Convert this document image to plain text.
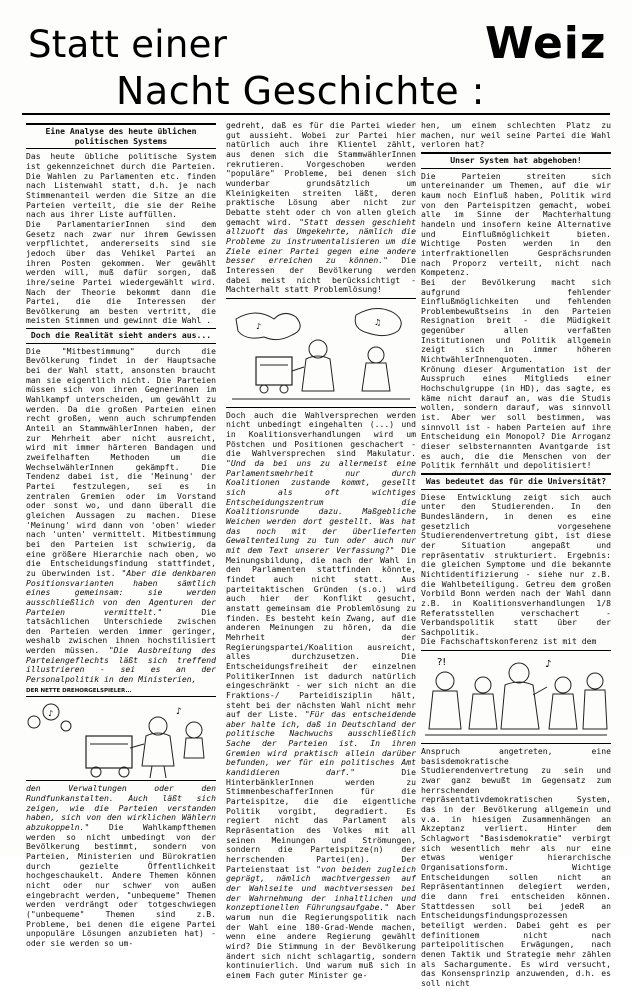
Statt einer
Nacht Geschichte :
Weiz
Eine Analyse des heute üblichen politischen Systems

Das heute übliche politische System ist gekennzeichnet durch die Parteien. Die Wahlen zu Parlamenten etc. finden nach Listenwahl statt, d.h. je nach Stimmenanteil werden die Sitze an die Parteien verteilt, die sie der Reihe nach aus ihrer Liste auffüllen.

Die ParlamentarierInnen sind dem Gesetz nach zwar nur ihrem Gewissen verpflichtet, andererseits sind sie jedoch über das Vehikel Partei an ihren Posten gekommen. Wer gewählt werden will, muß dafür sorgen, daß ihre/seine Partei wiedergewählt wird. Nach der Theorie bekommt dann die Partei, die die Interessen der Bevölkerung am besten vertritt, die meisten Stimmen und gewinnt die Wahl .

Doch die Realität sieht anders aus...

Die "Mitbestimmung" durch die Bevölkerung findet in der Hauptsache bei der Wahl statt, ansonsten braucht man sie eigentlich nicht. Die Parteien müssen sich von ihren Gegnerinnen im Wahlkampf unterscheiden, um gewählt zu werden. Da die großen Parteien einen recht großen, wenn auch schrumpfenden Anteil an StammwählerInnen haben, der zur Mehrheit aber nicht ausreicht, wird mit immer härteren Bandagen und zweifelhaften Methoden um die WechselwählerInnen gekämpft. Die Tendenz dabei ist, die 'Meinung' der Partei festzulegen, sei es in zentralen Gremien oder im Vorstand oder sonst wo, und dann überall die gleichen Aussagen zu machen. Diese 'Meinung' wird dann von 'oben' wieder nach 'unten' vermittelt. Mitbestimmung bei den Parteien ist schwierig, da eine größere Hierarchie nach oben, wo die Entscheidungsfindung stattfindet, zu überwinden ist. "Aber die denkbaren Positionsvarianten haben sämtlich eines gemeinsam: sie werden ausschließlich von den Agenturen der Parteien vermittelt."	Die tatsächlichen Unterschiede zwischen den Parteien werden immer geringer, weshalb zwischen ihnen hochstilisiert werden müssen. "Die Ausbreitung des Parteiengeflechts läßt sich treffend illustrieren - sei es an der Personalpolitik in den Ministerien,

DER NETTE DREHORGELSPIELER...
♪	♪

den Verwaltungen oder den Rundfunkanstalten. Auch läßt sich zeigen, wie die Parteien verstanden haben, sich von den wirklichen Wählern abzukoppeln." Die Wahlkampfthemen werden so nicht umbedingt von der Bevölkerung bestimmt, sondern von Parteien, Ministerien und Bürokratien durch gezielte Öffentlichkeit hochgeschaukelt. Andere Themen können nicht oder nur schwer von außen eingebracht werden, "unbequeme" Themen werden verdrängt oder totgeschwiegen ("unbequeme" Themen sind z.B. Probleme, bei denen die eigene Partei unpopuläre Lösungen anzubieten hat) - oder sie werden so um-

gedreht, daß es für die Partei wieder gut aussieht. Wobei zur Partei hier natürlich auch ihre Klientel zählt, aus denen sich die StammwählerInnen rekrutieren. Vorgeschoben werden "populäre" Probleme, bei denen sich wunderbar grundsätzlich um Kleinigkeiten streiten läßt, deren praktische Lösung aber nicht zur Debatte steht oder ch von allen gleich gemacht wird. "Statt dessen geschieht allzuoft das Umgekehrte, nämlich die Probleme zu instrumentalisieren um die Ziele einer Partei gegen eine andere besser erreichen zu können." Die Interessen der Bevölkerung werden dabei meist nicht berücksichtigt - Machterhalt statt Problemlösung!

♪	♫

Doch auch die Wahlversprechen werden nicht unbedingt eingehalten (...) und in Koalitionsverhandlungen wird um Pöstchen und Positionen geschachert - die Wahlversprechen sind Makulatur. "Und da bei uns zu allermeist eine Parlamentsmehrheit nur durch Koalitionen zustande kommt, gesellt sich als oft wichtiges Entscheidungszentrum die Koalitionsrunde dazu. Maßgebliche Weichen werden dort gestellt. Was hat das noch mit der überlieferten Gewaltenteilung zu tun oder auch nur mit dem Text unserer Verfassung?" Die Meinungsbildung, die nach der Wahl in den Parlamenten stattfinden könnte, findet auch nicht statt. Aus parteitaktischen Gründen (s.o.) wird auch hier der Konflikt gesucht, anstatt gemeinsam die Problemlösung zu finden. Es besteht kein Zwang, auf die anderen Meinungen zu hören, da die Mehrheit der Regierungspartei/Koalition ausreicht, alles durchzusetzen. Die Entscheidungsfreiheit der einzelnen PolitikerInnen ist dadurch natürlich eingeschränkt - wer sich nicht an die Fraktions-/ Parteidisziplin hält, steht bei der nächsten Wahl nicht mehr auf der Liste. "Für das entscheidende aber halte ich, daß in Deutschland der politische Nachwuchs ausschließlich Sache der Parteien ist. In ihren Gremien wird praktisch allein darüber befunden, wer für ein politisches Amt kandidieren darf."	Die HinterbänklerInnen werden zu StimmenbeschafferInnen für die Parteispitze, die die eigentliche Politik vorgibt, degradiert. Es regiert nicht das Parlament als Repräsentation des Volkes mit all seinen Meinungen und Strömungen, sondern die Parteispitze(n) der herrschenden Partei(en). Der Parteienstaat ist "von beiden zugleich geprägt, nämlich machtvergessen auf der Wahlseite und machtversessen bei der Wahrnehmung der inhaltlichen und konzeptionellen Führungsaufgabe." Aber warum nun die Regierungspolitik nach der Wahl eine 180-Grad-Wende machen, wenn eine andere Regierung gewählt wird? Die Stimmung in der Bevölkerung ändert sich nicht schlagartig, sondern kontinuierlich. Und warum muß sich in einem Fach guter Minister ge-

hen, um einem schlechten Platz zu machen, nur weil seine Partei die Wahl verloren hat?

Unser System hat abgehoben!

Die Parteien streiten sich untereinander um Themen, auf die wir kaum noch Einfluß haben, Politik wird von den Parteispitzen gemacht, wobei alle im Sinne der Machterhaltung handeln und insofern keine Alternative und Einflußmöglichkeit bieten. Wichtige Posten werden in den interfraktionellen Gesprächsrunden nach Proporz verteilt, nicht nach Kompetenz.

Bei der Bevölkerung macht sich aufgrund fehlender Einflußmöglichkeiten und fehlenden Problembewußtseins in den Parteien Resignation breit - die Müdigkeit gegenüber allen verfaßten Institutionen und Politik allgemein zeigt sich in immer höheren NichtwählerInnenquoten.

Krönung dieser Argumentation ist der Ausspruch eines Mitglieds einer Hochschulgruppe (in HD), das sagte, es käme nicht darauf an, was die Studis wollen, sondern darauf, was sinnvoll ist. Aber wer soll bestimmen, was sinnvoll ist - haben Parteien auf ihre Entscheidung ein Monopol? Die Arroganz dieser selbsternannten Avantgarde ist es auch, die die Menschen von der Politik fernhält und depolitisiert!

Was bedeutet das für die Universität?

Diese Entwicklung zeigt sich auch unter den Studierenden. In den Bundesländern, in denen es eine gesetzlich vorgesehene Studierendenvertretung gibt, ist diese der Situation angepaßt und repräsentativ strukturiert. Ergebnis: die gleichen Symptome und die bekannte Nichtidentifizierung - siehe nur z.B. die Wahlbeteiligung. Getreu dem großen Vorbild Bonn werden nach der Wahl dann z.B. in Koalitionsverhandlungen 1/8 Referatsstellen verschachert - Verbandspolitik statt über der Sachpolitik.

Die Fachschaftskonferenz ist mit dem

?!	♪

Anspruch angetreten, eine basisdemokratische Studierendenvertretung zu sein und zwar ganz bewußt im Gegensatz zum herrschenden repräsentativdemokratischen System, das in der Bevölkerung allgemein und v.a. in hiesigen Zusammenhängen an Akzeptanz verliert. Hinter dem Schlagwort "Basisdemokratie" verbirgt sich wesentlich mehr als nur eine etwas weniger hierarchische Organisationsform. Wichtige Entscheidungen sollen nicht an Repräsentantinnen delegiert werden, die dann frei entscheiden können. Stattdessen soll bei jedeR an Entscheidungsfindungsprozessen beteiligt werden. Dabei geht es per definitionem nicht nach parteipolitischen Erwägungen, nach denen Taktik und Strategie mehr zählen als Sachargumente. Es wird versucht, das Konsensprinzip anzuwenden, d.h. es soll nicht
